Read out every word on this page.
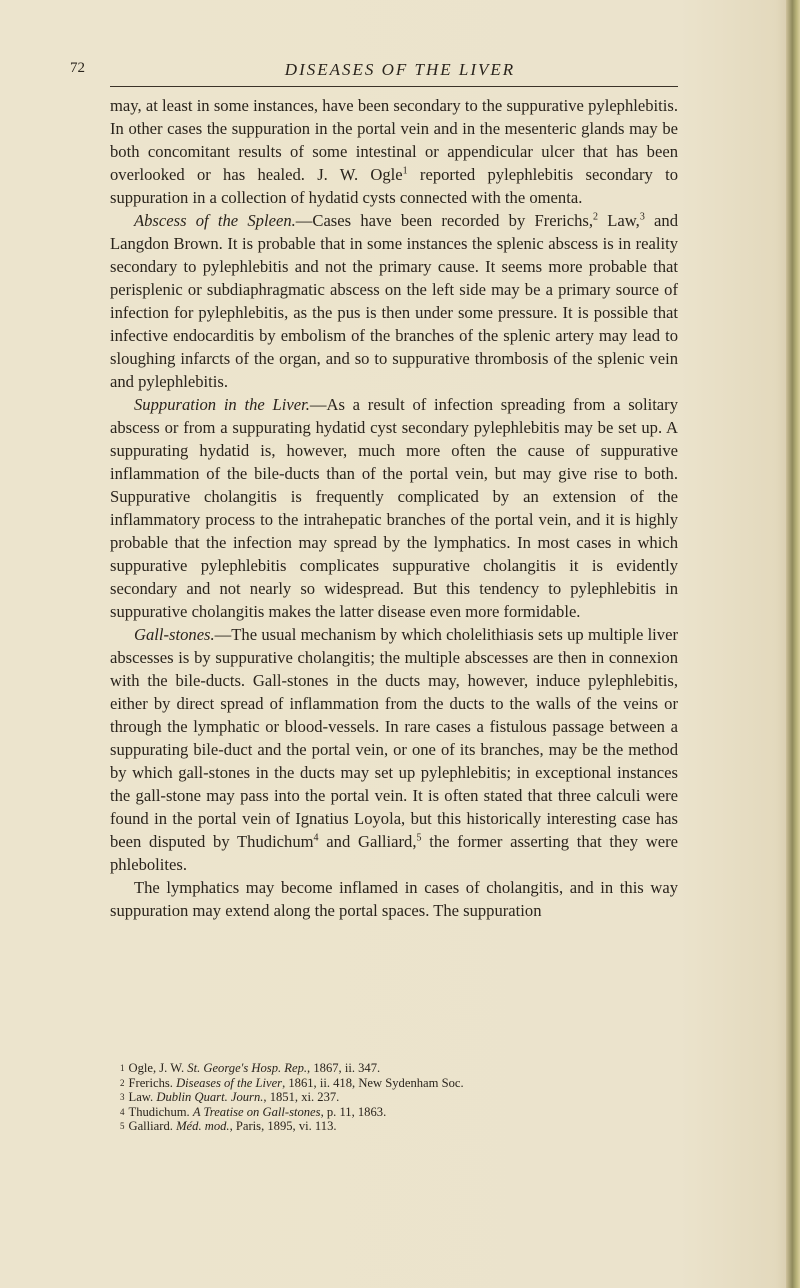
72	DISEASES OF THE LIVER

may, at least in some instances, have been secondary to the suppurative pylephlebitis. In other cases the suppuration in the portal vein and in the mesenteric glands may be both concomitant results of some intestinal or appendicular ulcer that has been overlooked or has healed. J. W. Ogle$^1$ reported pylephlebitis secondary to suppuration in a collection of hydatid cysts connected with the omenta.

Abscess of the Spleen.—Cases have been recorded by Frerichs,$^2$ Law,$^3$ and Langdon Brown. It is probable that in some instances the splenic abscess is in reality secondary to pylephlebitis and not the primary cause. It seems more probable that perisplenic or subdiaphragmatic abscess on the left side may be a primary source of infection for pylephlebitis, as the pus is then under some pressure. It is possible that infective endocarditis by embolism of the branches of the splenic artery may lead to sloughing infarcts of the organ, and so to suppurative thrombosis of the splenic vein and pylephlebitis.

Suppuration in the Liver.—As a result of infection spreading from a solitary abscess or from a suppurating hydatid cyst secondary pylephlebitis may be set up. A suppurating hydatid is, however, much more often the cause of suppurative inflammation of the bile-ducts than of the portal vein, but may give rise to both. Suppurative cholangitis is frequently complicated by an extension of the inflammatory process to the intrahepatic branches of the portal vein, and it is highly probable that the infection may spread by the lymphatics. In most cases in which suppurative pylephlebitis complicates suppurative cholangitis it is evidently secondary and not nearly so widespread. But this tendency to pylephlebitis in suppurative cholangitis makes the latter disease even more formidable.

Gall-stones.—The usual mechanism by which cholelithiasis sets up multiple liver abscesses is by suppurative cholangitis; the multiple abscesses are then in connexion with the bile-ducts. Gall-stones in the ducts may, however, induce pylephlebitis, either by direct spread of inflammation from the ducts to the walls of the veins or through the lymphatic or blood-vessels. In rare cases a fistulous passage between a suppurating bile-duct and the portal vein, or one of its branches, may be the method by which gall-stones in the ducts may set up pylephlebitis; in exceptional instances the gall-stone may pass into the portal vein. It is often stated that three calculi were found in the portal vein of Ignatius Loyola, but this historically interesting case has been disputed by Thudichum$^4$ and Galliard,$^5$ the former asserting that they were phlebolites.

The lymphatics may become inflamed in cases of cholangitis, and in this way suppuration may extend along the portal spaces. The suppuration

$^1$ Ogle, J. W. St. George's Hosp. Rep., 1867, ii. 347.

$^2$ Frerichs. Diseases of the Liver, 1861, ii. 418, New Sydenham Soc.

$^3$ Law. Dublin Quart. Journ., 1851, xi. 237.

$^4$ Thudichum. A Treatise on Gall-stones, p. 11, 1863.

$^5$ Galliard. Méd. mod., Paris, 1895, vi. 113.
